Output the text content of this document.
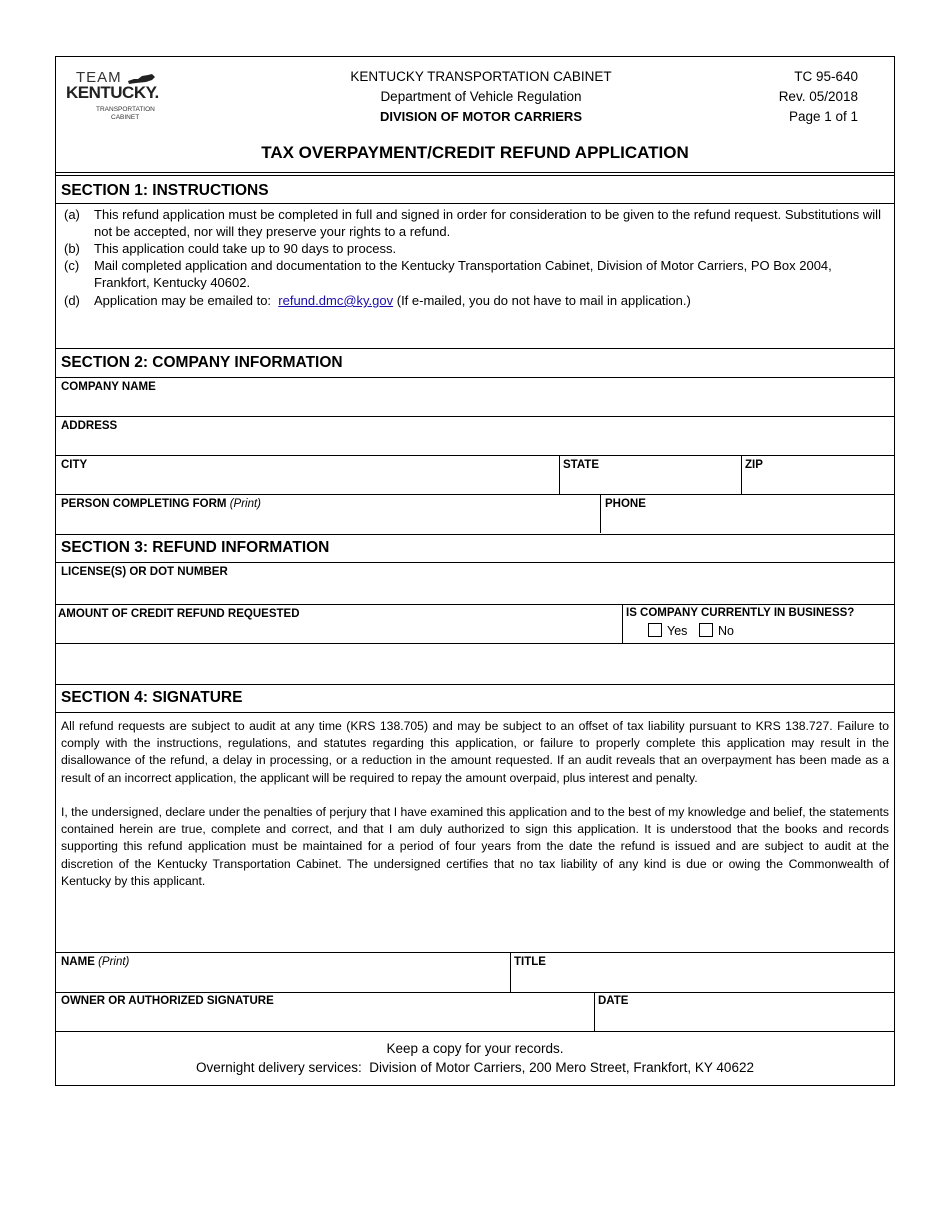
TEAM
KENTUCKY.
TRANSPORTATION
CABINET
KENTUCKY TRANSPORTATION CABINET
Department of Vehicle Regulation
DIVISION OF MOTOR CARRIERS
TC 95-640
Rev. 05/2018
Page 1 of 1
TAX OVERPAYMENT/CREDIT REFUND APPLICATION
SECTION 1: INSTRUCTIONS
(a)	This refund application must be completed in full and signed in order for consideration to be given to the refund request. Substitutions will not be accepted, nor will they preserve your rights to a refund.
(b)	This application could take up to 90 days to process.
(c)	Mail completed application and documentation to the Kentucky Transportation Cabinet, Division of Motor Carriers, PO Box 2004, Frankfort, Kentucky 40602.
(d)	Application may be emailed to:  refund.dmc@ky.gov (If e-mailed, you do not have to mail in application.)
SECTION 2: COMPANY INFORMATION
COMPANY NAME
ADDRESS
CITY	STATE	ZIP
PERSON COMPLETING FORM (Print)	PHONE
SECTION 3: REFUND INFORMATION
LICENSE(S) OR DOT NUMBER
AMOUNT OF CREDIT REFUND REQUESTED	IS COMPANY CURRENTLY IN BUSINESS?
Yes	No
SECTION 4: SIGNATURE
All refund requests are subject to audit at any time (KRS 138.705) and may be subject to an offset of tax liability pursuant to KRS 138.727. Failure to comply with the instructions, regulations, and statutes regarding this application, or failure to properly complete this application may result in the disallowance of the refund, a delay in processing, or a reduction in the amount requested. If an audit reveals that an overpayment has been made as a result of an incorrect application, the applicant will be required to repay the amount overpaid, plus interest and penalty.
I, the undersigned, declare under the penalties of perjury that I have examined this application and to the best of my knowledge and belief, the statements contained herein are true, complete and correct, and that I am duly authorized to sign this application. It is understood that the books and records supporting this refund application must be maintained for a period of four years from the date the refund is issued and are subject to audit at the discretion of the Kentucky Transportation Cabinet. The undersigned certifies that no tax liability of any kind is due or owing the Commonwealth of Kentucky by this applicant.
NAME (Print)	TITLE
OWNER OR AUTHORIZED SIGNATURE	DATE
Keep a copy for your records.
Overnight delivery services:  Division of Motor Carriers, 200 Mero Street, Frankfort, KY 40622
